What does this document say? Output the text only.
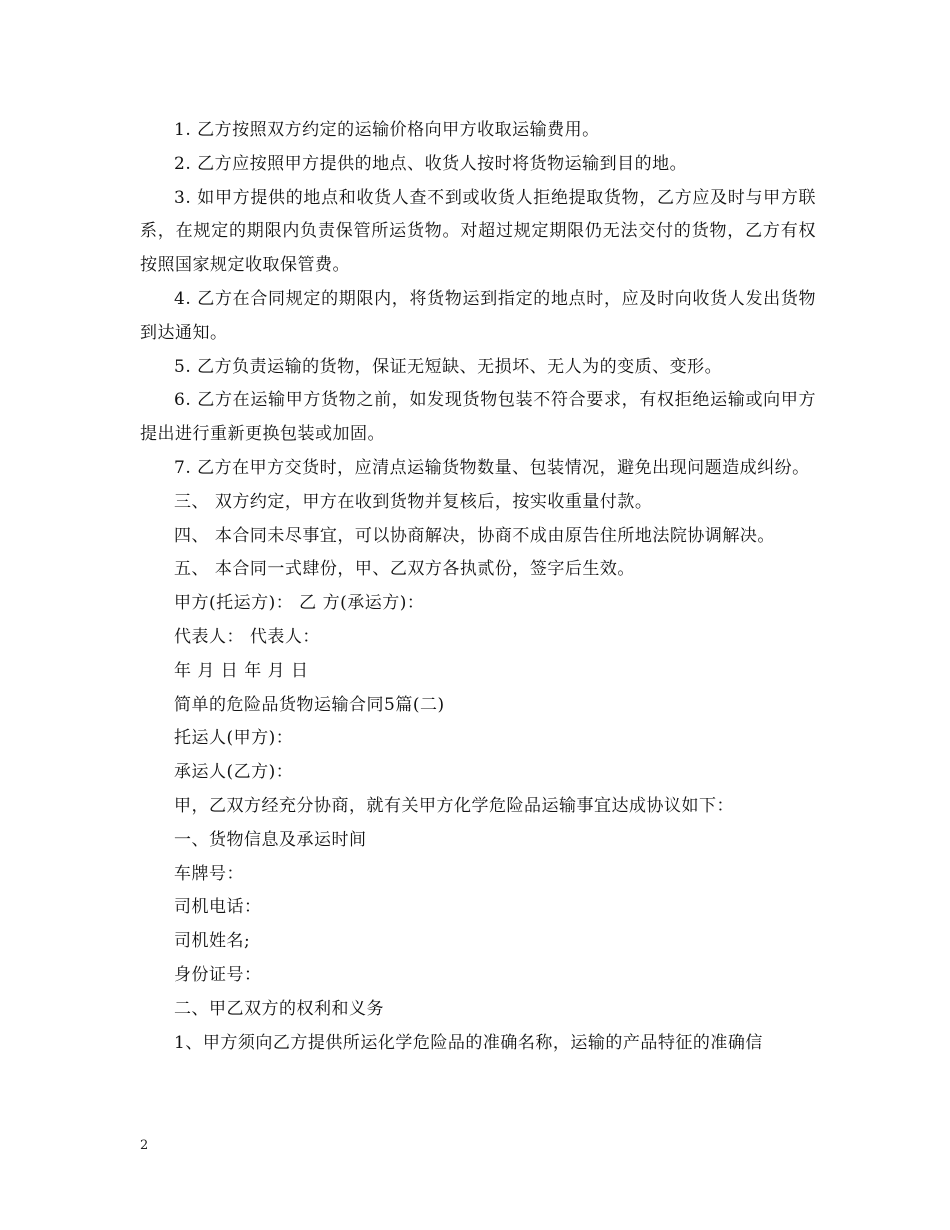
1. 乙方按照双方约定的运输价格向甲方收取运输费用。

2. 乙方应按照甲方提供的地点、收货人按时将货物运输到目的地。

3. 如甲方提供的地点和收货人查不到或收货人拒绝提取货物，乙方应及时与甲方联系，在规定的期限内负责保管所运货物。对超过规定期限仍无法交付的货物，乙方有权按照国家规定收取保管费。

4. 乙方在合同规定的期限内，将货物运到指定的地点时，应及时向收货人发出货物到达通知。

5. 乙方负责运输的货物，保证无短缺、无损坏、无人为的变质、变形。

6. 乙方在运输甲方货物之前，如发现货物包装不符合要求，有权拒绝运输或向甲方提出进行重新更换包装或加固。

7. 乙方在甲方交货时，应清点运输货物数量、包装情况，避免出现问题造成纠纷。

三、 双方约定，甲方在收到货物并复核后，按实收重量付款。

四、 本合同未尽事宜，可以协商解决，协商不成由原告住所地法院协调解决。

五、 本合同一式肆份，甲、乙双方各执贰份，签字后生效。

甲方(托运方)： 乙 方(承运方)：

代表人： 代表人：

年 月 日 年 月 日

简单的危险品货物运输合同5篇(二)

托运人(甲方)：

承运人(乙方)：

甲，乙双方经充分协商，就有关甲方化学危险品运输事宜达成协议如下：

一、货物信息及承运时间

车牌号：

司机电话：

司机姓名;

身份证号：

二、甲乙双方的权利和义务

1、甲方须向乙方提供所运化学危险品的准确名称，运输的产品特征的准确信

2
